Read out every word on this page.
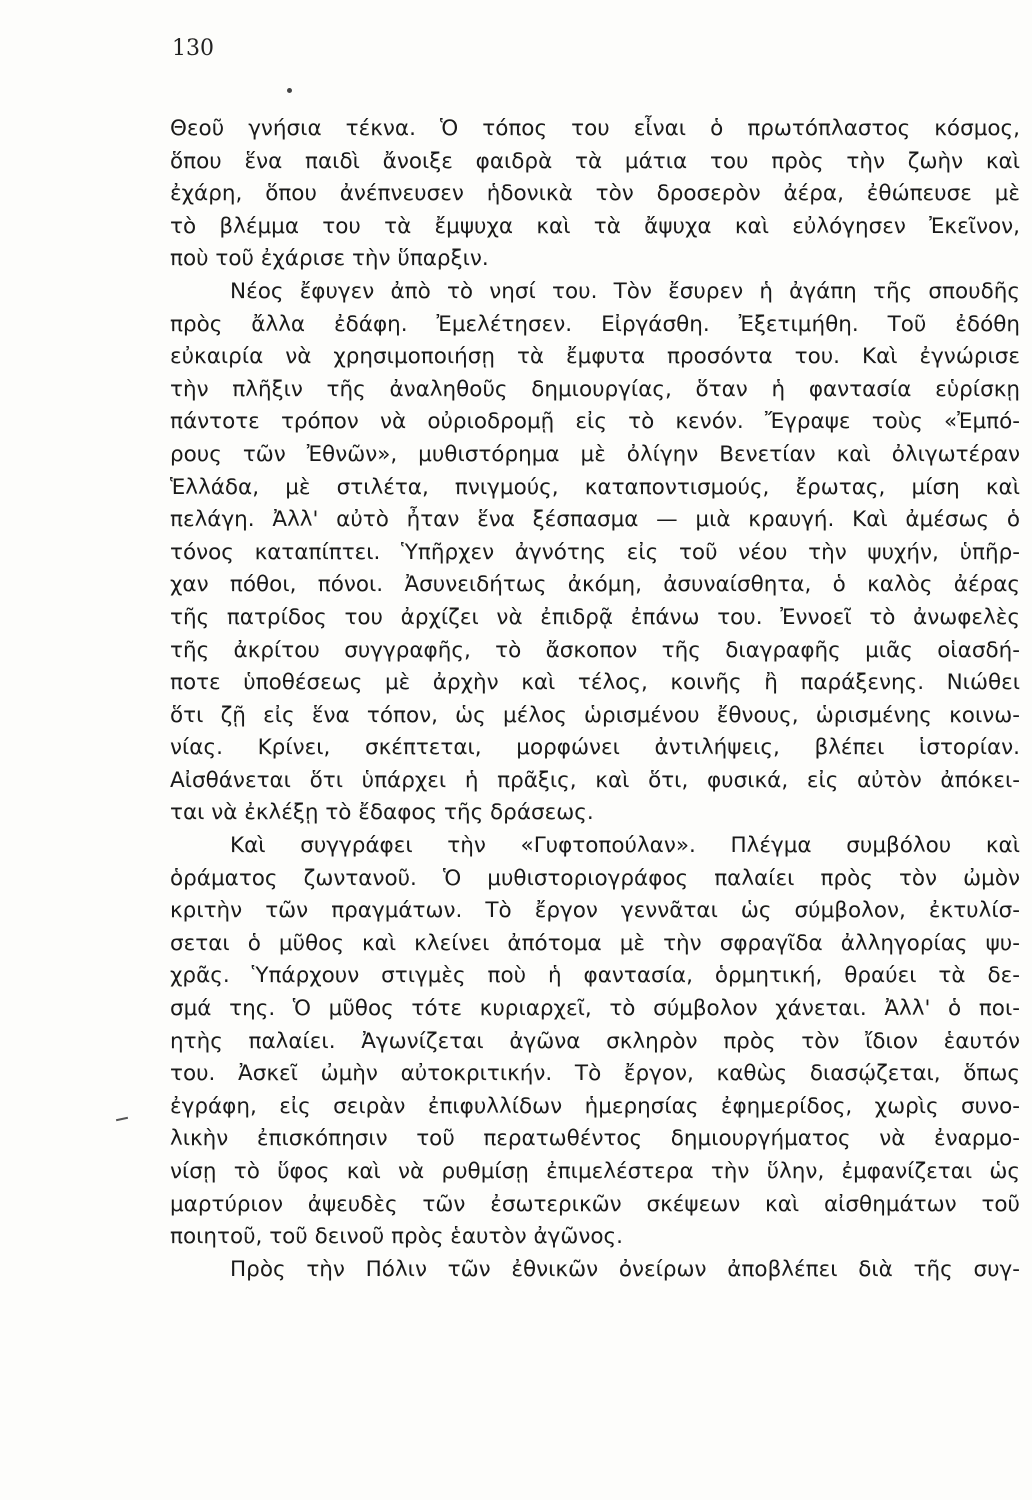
130
Θεοῦ γνήσια τέκνα. Ὁ τόπος του εἶναι ὁ πρωτόπλαστος κόσμος,
ὅπου ἕνα παιδὶ ἄνοιξε φαιδρὰ τὰ μάτια του πρὸς τὴν ζωὴν καὶ
ἐχάρη, ὅπου ἀνέπνευσεν ἡδονικὰ τὸν δροσερὸν ἀέρα, ἐθώπευσε μὲ
τὸ βλέμμα του τὰ ἔμψυχα καὶ τὰ ἄψυχα καὶ εὐλόγησεν Ἐκεῖνον,
ποὺ τοῦ ἐχάρισε τὴν ὕπαρξιν.
Νέος ἔφυγεν ἀπὸ τὸ νησί του. Τὸν ἔσυρεν ἡ ἀγάπη τῆς σπουδῆς
πρὸς ἄλλα ἐδάφη. Ἐμελέτησεν. Εἰργάσθη. Ἐξετιμήθη. Τοῦ ἐδόθη
εὐκαιρία νὰ χρησιμοποιήσῃ τὰ ἔμφυτα προσόντα του. Καὶ ἐγνώρισε
τὴν πλῆξιν τῆς ἀναληθοῦς δημιουργίας, ὅταν ἡ φαντασία εὑρίσκῃ
πάντοτε τρόπον νὰ οὐριοδρομῇ εἰς τὸ κενόν. Ἔγραψε τοὺς «Ἐμπό-
ρους τῶν Ἐθνῶν», μυθιστόρημα μὲ ὀλίγην Βενετίαν καὶ ὀλιγωτέραν
Ἑλλάδα, μὲ στιλέτα, πνιγμούς, καταποντισμούς, ἔρωτας, μίση καὶ
πελάγη. Ἀλλ' αὐτὸ ἦταν ἕνα ξέσπασμα — μιὰ κραυγή. Καὶ ἀμέσως ὁ
τόνος καταπίπτει. Ὑπῆρχεν ἀγνότης εἰς τοῦ νέου τὴν ψυχήν, ὑπῆρ-
χαν πόθοι, πόνοι. Ἀσυνειδήτως ἀκόμη, ἀσυναίσθητα, ὁ καλὸς ἀέρας
τῆς πατρίδος του ἀρχίζει νὰ ἐπιδρᾷ ἐπάνω του. Ἐννοεῖ τὸ ἀνωφελὲς
τῆς ἀκρίτου συγγραφῆς, τὸ ἄσκοπον τῆς διαγραφῆς μιᾶς οἱασδή-
ποτε ὑποθέσεως μὲ ἀρχὴν καὶ τέλος, κοινῆς ἢ παράξενης. Νιώθει
ὅτι ζῇ εἰς ἕνα τόπον, ὡς μέλος ὡρισμένου ἔθνους, ὡρισμένης κοινω-
νίας. Κρίνει, σκέπτεται, μορφώνει ἀντιλήψεις, βλέπει ἱστορίαν.
Αἰσθάνεται ὅτι ὑπάρχει ἡ πρᾶξις, καὶ ὅτι, φυσικά, εἰς αὐτὸν ἀπόκει-
ται νὰ ἐκλέξῃ τὸ ἔδαφος τῆς δράσεως.
Καὶ συγγράφει τὴν «Γυφτοπούλαν». Πλέγμα συμβόλου καὶ
ὁράματος ζωντανοῦ. Ὁ μυθιστοριογράφος παλαίει πρὸς τὸν ὠμὸν
κριτὴν τῶν πραγμάτων. Τὸ ἔργον γεννᾶται ὡς σύμβολον, ἐκτυλίσ-
σεται ὁ μῦθος καὶ κλείνει ἀπότομα μὲ τὴν σφραγῖδα ἀλληγορίας ψυ-
χρᾶς. Ὑπάρχουν στιγμὲς ποὺ ἡ φαντασία, ὁρμητική, θραύει τὰ δε-
σμά της. Ὁ μῦθος τότε κυριαρχεῖ, τὸ σύμβολον χάνεται. Ἀλλ' ὁ ποι-
ητὴς παλαίει. Ἀγωνίζεται ἀγῶνα σκληρὸν πρὸς τὸν ἴδιον ἑαυτόν
του. Ἀσκεῖ ὠμὴν αὐτοκριτικήν. Τὸ ἔργον, καθὼς διασῴζεται, ὅπως
ἐγράφη, εἰς σειρὰν ἐπιφυλλίδων ἡμερησίας ἐφημερίδος, χωρὶς συνο-
λικὴν ἐπισκόπησιν τοῦ περατωθέντος δημιουργήματος νὰ ἐναρμο-
νίσῃ τὸ ὕφος καὶ νὰ ρυθμίσῃ ἐπιμελέστερα τὴν ὕλην, ἐμφανίζεται ὡς
μαρτύριον ἀψευδὲς τῶν ἐσωτερικῶν σκέψεων καὶ αἰσθημάτων τοῦ
ποιητοῦ, τοῦ δεινοῦ πρὸς ἑαυτὸν ἀγῶνος.
Πρὸς τὴν Πόλιν τῶν ἐθνικῶν ὀνείρων ἀποβλέπει διὰ τῆς συγ-
